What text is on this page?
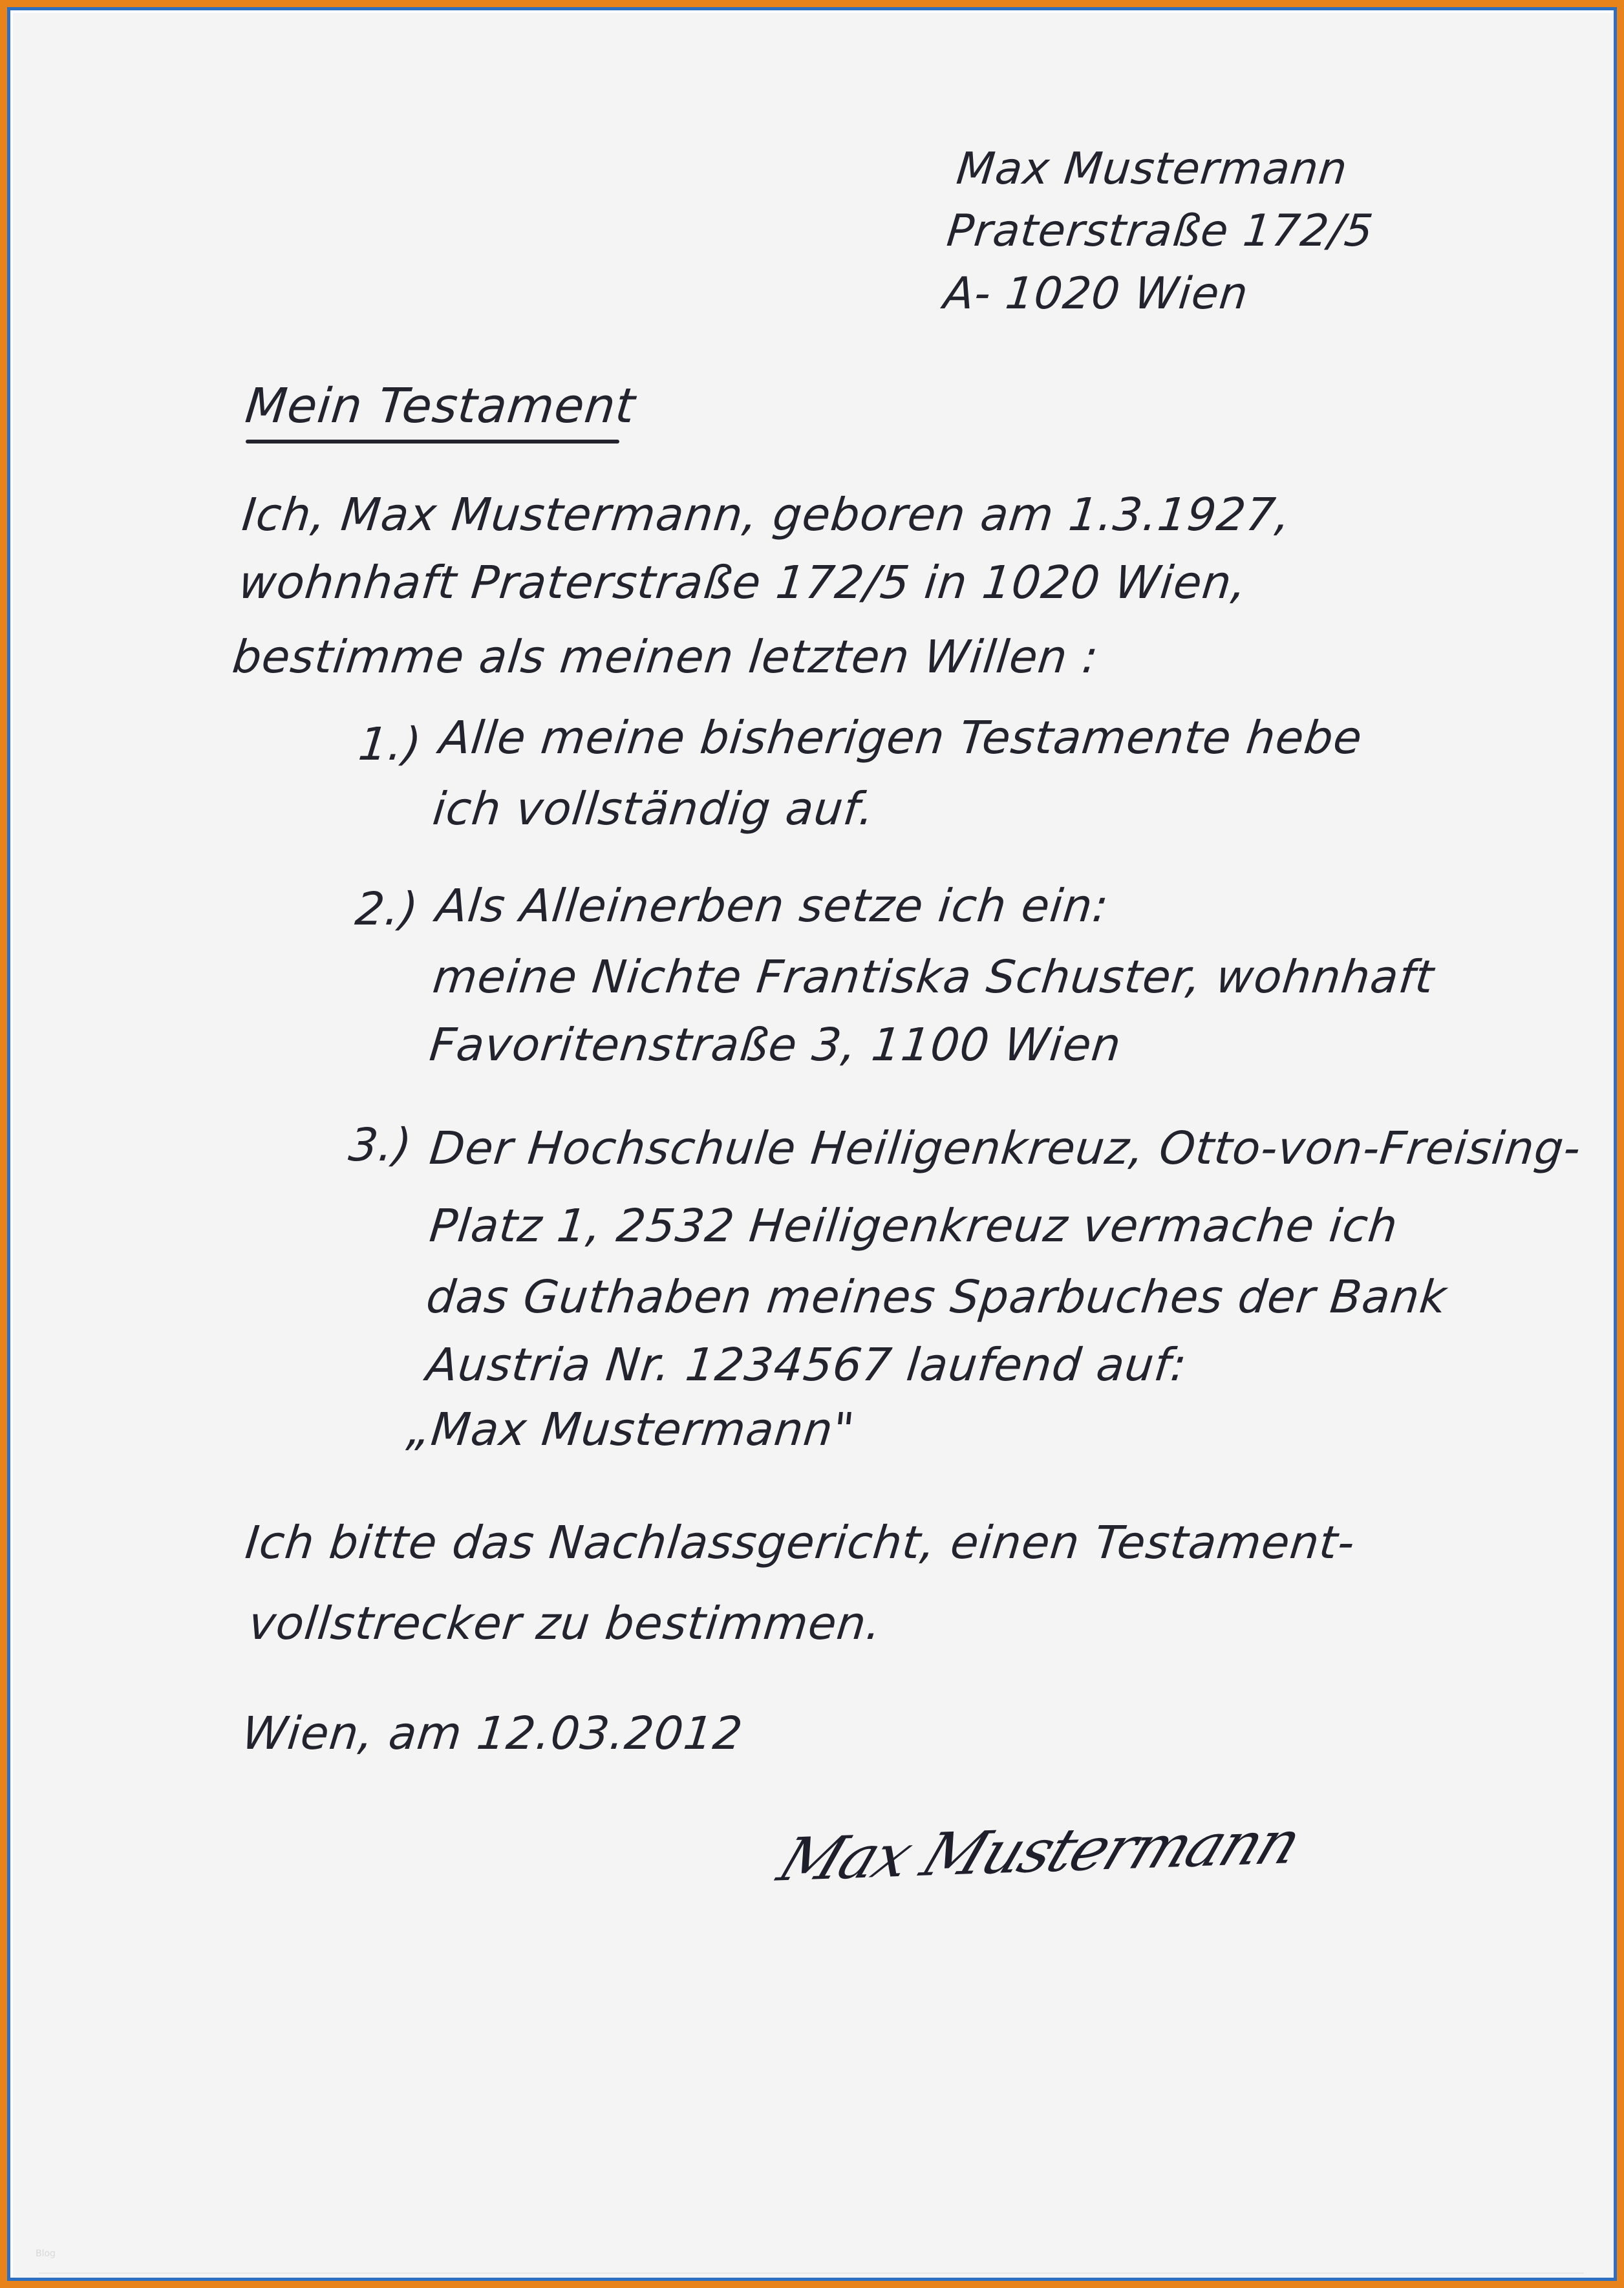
Max Mustermann
Praterstraße 172/5
A- 1020 Wien
Mein Testament
Ich, Max Mustermann, geboren am 1.3.1927,
wohnhaft Praterstraße 172/5 in 1020 Wien,
bestimme als meinen letzten Willen :
1.) Alle meine bisherigen Testamente hebe
ich vollständig auf.
2.) Als Alleinerben setze ich ein:
meine Nichte Frantiska Schuster, wohnhaft
Favoritenstraße 3, 1100 Wien
3.) Der Hochschule Heiligenkreuz, Otto-von-Freising-
Platz 1, 2532 Heiligenkreuz vermache ich
das Guthaben meines Sparbuches der Bank
Austria Nr. 1234567 laufend auf:
„Max Mustermann"
Ich bitte das Nachlassgericht, einen Testament-
vollstrecker zu bestimmen.
Wien, am 12.03.2012
Max Mustermann
Blog
